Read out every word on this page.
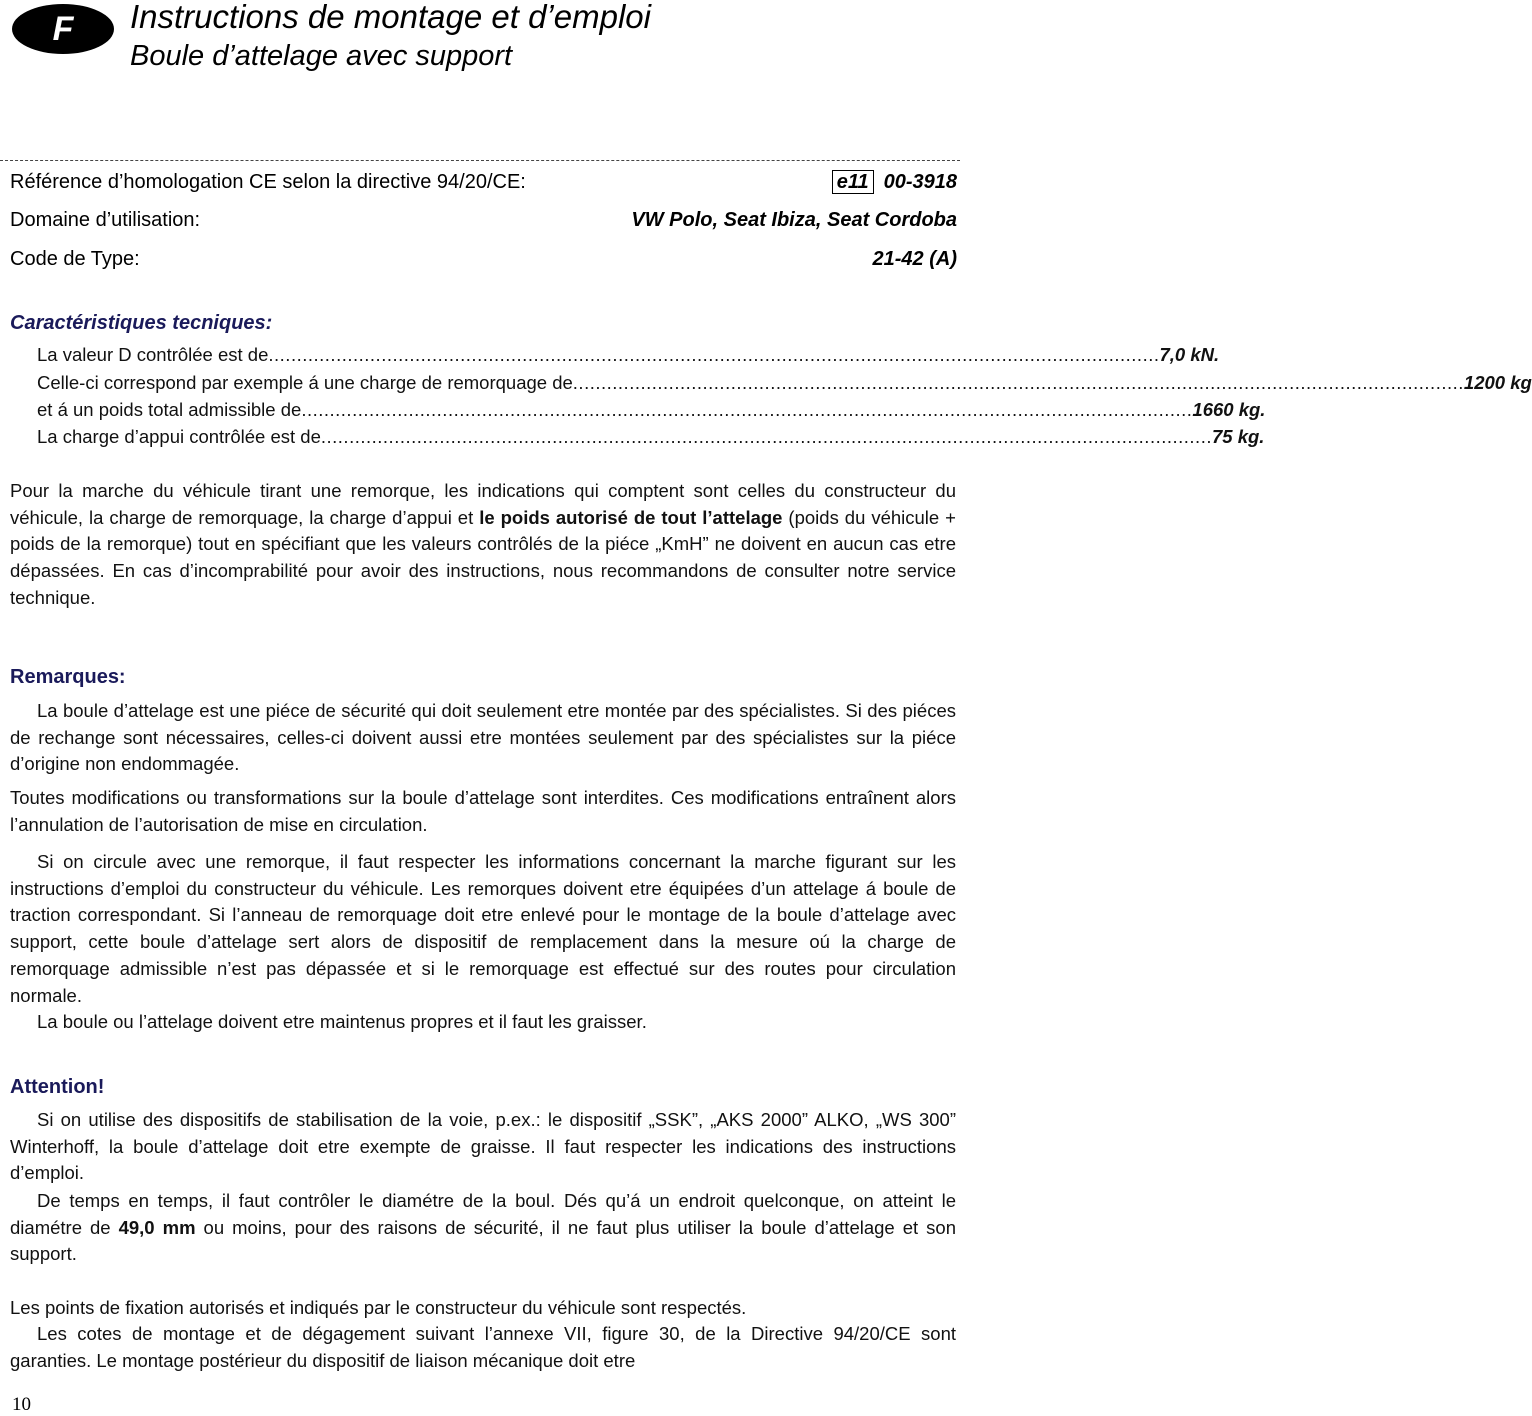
F	Instructions de montage et d’emploi
Boule d’attelage avec support
Référence d’homologation CE selon la directive 94/20/CE:	e11 00-3918
Domaine d’utilisation:	VW Polo, Seat Ibiza, Seat Cordoba
Code de Type:	21-42 (A)
Caractéristiques tecniques:
La valeur D contrôlée est de .............................................................................................................................................................. 7,0 kN.
Celle-ci correspond par exemple á une charge de remorquage de .............................................................................................................................................................. 1200 kg
et á un poids total admissible de .............................................................................................................................................................. 1660 kg.
La charge d’appui contrôlée est de .............................................................................................................................................................. 75 kg.
Pour la marche du véhicule tirant une remorque, les indications qui comptent sont celles du constructeur du véhicule, la charge de remorquage, la charge d’appui et le poids autorisé de tout l’attelage (poids du véhicule + poids de la remorque) tout en spécifiant que les valeurs contrôlés de la piéce „KmH” ne doivent en aucun cas etre dépassées. En cas d’incomprabilité pour avoir des instructions, nous recommandons de consulter notre service technique.
Remarques:
La boule d’attelage est une piéce de sécurité qui doit seulement etre montée par des spécialistes. Si des piéces de rechange sont nécessaires, celles-ci doivent aussi etre montées seulement par des spécialistes sur la piéce d’origine non endommagée.
Toutes modifications ou transformations sur la boule d’attelage sont interdites. Ces modifications entraînent alors l’annulation de l’autorisation de mise en circulation.
Si on circule avec une remorque, il faut respecter les informations concernant la marche figurant sur les instructions d’emploi du constructeur du véhicule. Les remorques doivent etre équipées d’un attelage á boule de traction correspondant. Si l’anneau de remorquage doit etre enlevé pour le montage de la boule d’attelage avec support, cette boule d’attelage sert alors de dispositif de remplacement dans la mesure oú la charge de remorquage admissible n’est pas dépassée et si le remorquage est effectué sur des routes pour circulation normale.
La boule ou l’attelage doivent etre maintenus propres et il faut les graisser.
Attention!
Si on utilise des dispositifs de stabilisation de la voie, p.ex.: le dispositif „SSK”, „AKS 2000” ALKO, „WS 300” Winterhoff, la boule d’attelage doit etre exempte de graisse. Il faut respecter les indications des instructions d’emploi.
De temps en temps, il faut contrôler le diamétre de la boul. Dés qu’á un endroit quelconque, on atteint le diamétre de 49,0 mm ou moins, pour des raisons de sécurité, il ne faut plus utiliser la boule d’attelage et son support.
Les points de fixation autorisés et indiqués par le constructeur du véhicule sont respectés.
Les cotes de montage et de dégagement suivant l’annexe VII, figure 30, de la Directive 94/20/CE sont garanties. Le montage postérieur du dispositif de liaison mécanique doit etre
10
